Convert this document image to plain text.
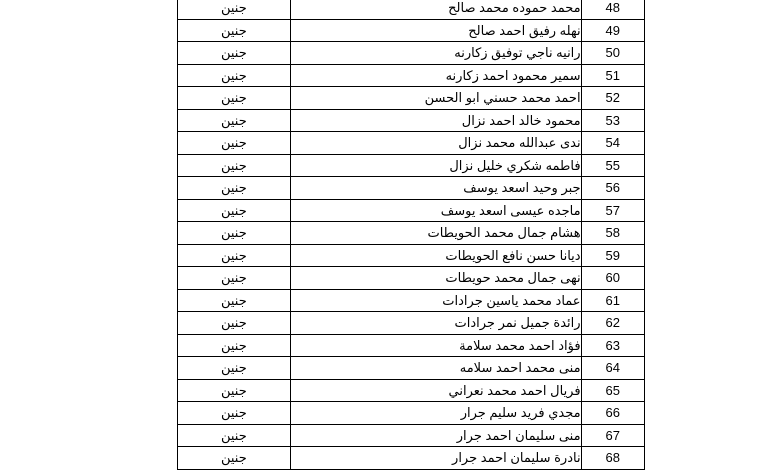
جنين	محمد حموده محمد صالح	48
جنين	نهله رفيق احمد صالح	49
جنين	رانيه ناجي توفيق زكارنه	50
جنين	سمير محمود احمد زكارنه	51
جنين	احمد محمد حسني ابو الحسن	52
جنين	محمود خالد احمد نزال	53
جنين	ندى عبدالله محمد نزال	54
جنين	فاطمه شكري خليل نزال	55
جنين	جبر وحيد اسعد يوسف	56
جنين	ماجده عيسى اسعد يوسف	57
جنين	هشام جمال محمد الحويطات	58
جنين	ديانا حسن نافع الحويطات	59
جنين	نهى جمال محمد حويطات	60
جنين	عماد محمد ياسين جرادات	61
جنين	رائدة جميل نمر جرادات	62
جنين	فؤاد احمد محمد سلامة	63
جنين	منى محمد احمد سلامه	64
جنين	فريال احمد محمد نعراني	65
جنين	مجدي فريد سليم جرار	66
جنين	منى سليمان احمد جرار	67
جنين	نادرة سليمان احمد جرار	68
